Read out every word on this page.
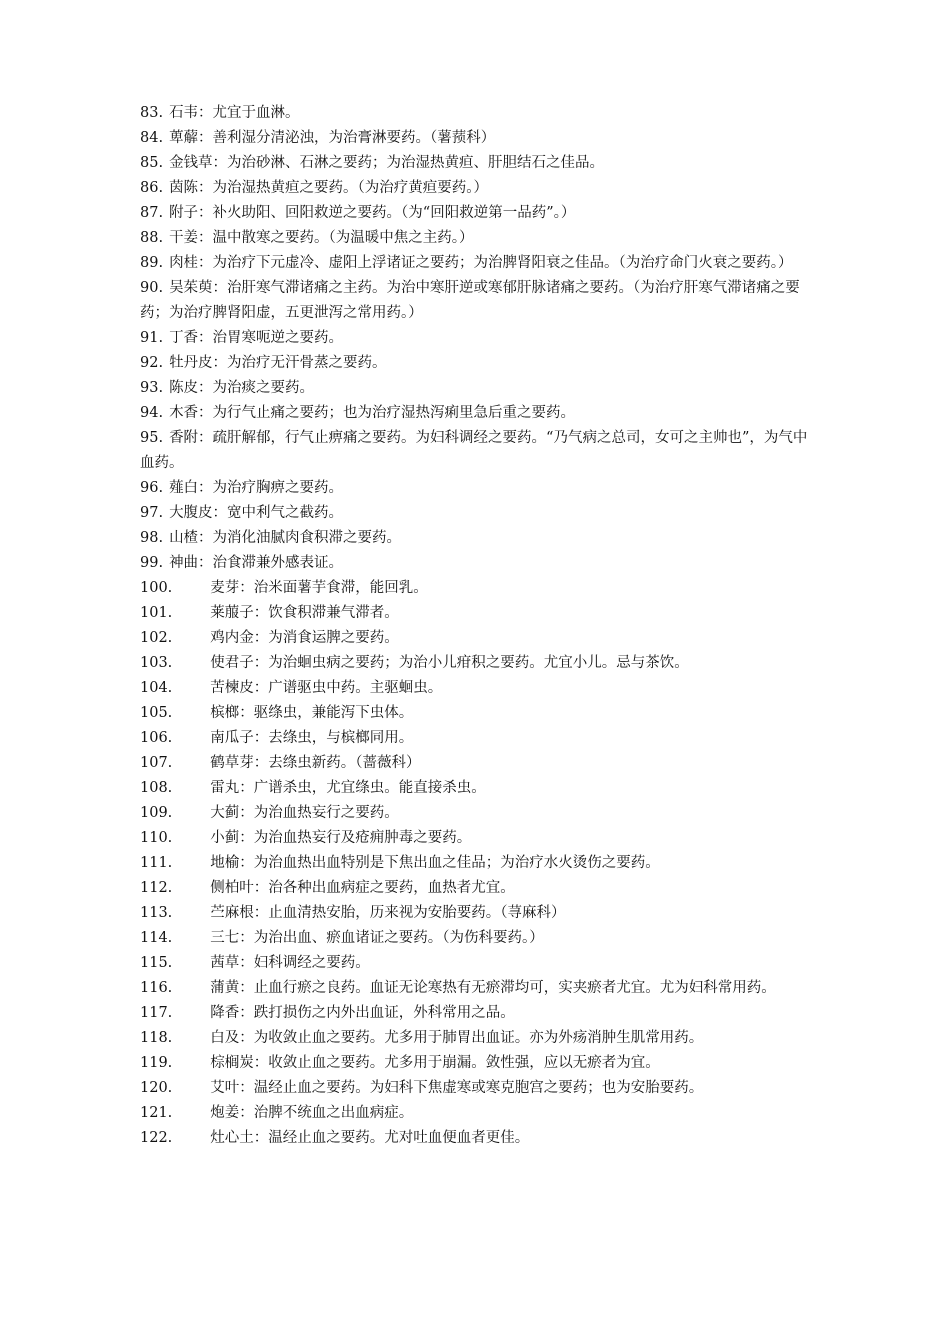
83. 石韦：尤宜于血淋。
84. 萆薢：善利湿分清泌浊，为治膏淋要药。（薯蓣科）
85. 金钱草：为治砂淋、石淋之要药；为治湿热黄疸、肝胆结石之佳品。
86. 茵陈：为治湿热黄疸之要药。（为治疗黄疸要药。）
87. 附子：补火助阳、回阳救逆之要药。（为“回阳救逆第一品药”。）
88. 干姜：温中散寒之要药。（为温暖中焦之主药。）
89. 肉桂：为治疗下元虚冷、虚阳上浮诸证之要药；为治脾肾阳衰之佳品。（为治疗命门火衰之要药。）
90. 吴茱萸：治肝寒气滞诸痛之主药。为治中寒肝逆或寒郁肝脉诸痛之要药。（为治疗肝寒气滞诸痛之要药；为治疗脾肾阳虚，五更泄泻之常用药。）
91. 丁香：治胃寒呃逆之要药。
92. 牡丹皮：为治疗无汗骨蒸之要药。
93. 陈皮：为治痰之要药。
94. 木香：为行气止痛之要药；也为治疗湿热泻痢里急后重之要药。
95. 香附：疏肝解郁，行气止痹痛之要药。为妇科调经之要药。“乃气病之总司，女可之主帅也”，为气中血药。
96. 薤白：为治疗胸痹之要药。
97. 大腹皮：宽中利气之截药。
98. 山楂：为消化油腻肉食积滞之要药。
99. 神曲：治食滞兼外感表证。
100.	麦芽：治米面薯芋食滞，能回乳。
101.	莱菔子：饮食积滞兼气滞者。
102.	鸡内金：为消食运脾之要药。
103.	使君子：为治蛔虫病之要药；为治小儿疳积之要药。尤宜小儿。忌与茶饮。
104.	苦楝皮：广谱驱虫中药。主驱蛔虫。
105.	槟榔：驱绦虫，兼能泻下虫体。
106.	南瓜子：去绦虫，与槟榔同用。
107.	鹤草芽：去绦虫新药。（蔷薇科）
108.	雷丸：广谱杀虫，尤宜绦虫。能直接杀虫。
109.	大蓟：为治血热妄行之要药。
110.	小蓟：为治血热妄行及疮痈肿毒之要药。
111.	地榆：为治血热出血特别是下焦出血之佳品；为治疗水火烫伤之要药。
112.	侧柏叶：治各种出血病症之要药，血热者尤宜。
113.	苎麻根：止血清热安胎，历来视为安胎要药。（荨麻科）
114.	三七：为治出血、瘀血诸证之要药。（为伤科要药。）
115.	茜草：妇科调经之要药。
116.	蒲黄：止血行瘀之良药。血证无论寒热有无瘀滞均可，实夹瘀者尤宜。尤为妇科常用药。
117.	降香：跌打损伤之内外出血证，外科常用之品。
118.	白及：为收敛止血之要药。尤多用于肺胃出血证。亦为外疡消肿生肌常用药。
119.	棕榈炭：收敛止血之要药。尤多用于崩漏。敛性强，应以无瘀者为宜。
120.	艾叶：温经止血之要药。为妇科下焦虚寒或寒克胞宫之要药；也为安胎要药。
121.	炮姜：治脾不统血之出血病症。
122.	灶心土：温经止血之要药。尤对吐血便血者更佳。
